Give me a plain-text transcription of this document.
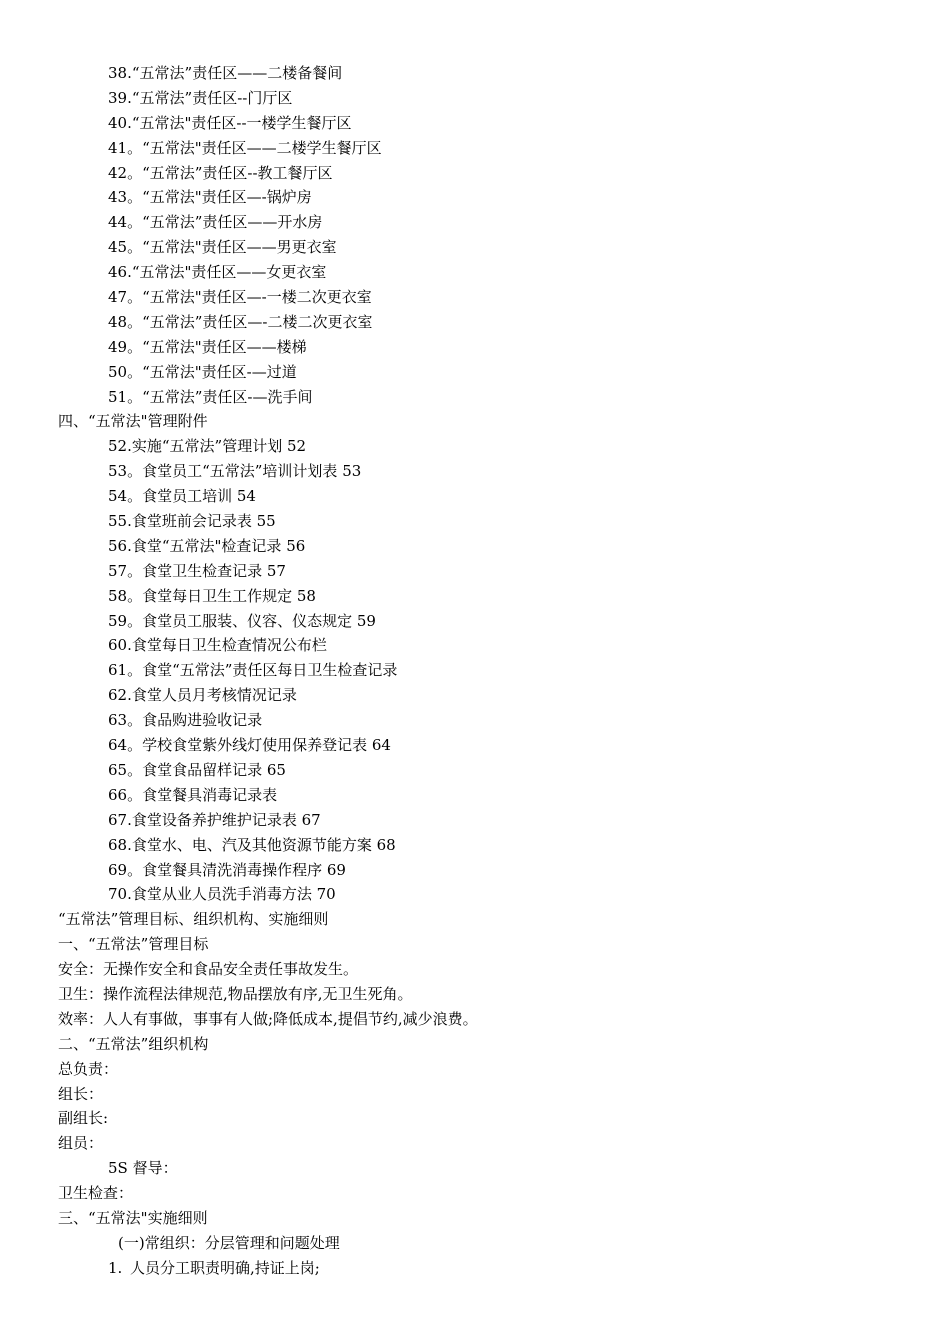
38.“五常法”责任区——二楼备餐间
39.“五常法”责任区--门厅区
40.“五常法"责任区--一楼学生餐厅区
41。“五常法"责任区——二楼学生餐厅区
42。“五常法”责任区--教工餐厅区
43。“五常法"责任区—-锅炉房
44。“五常法”责任区——开水房
45。“五常法"责任区——男更衣室
46.“五常法"责任区——女更衣室
47。“五常法"责任区—-一楼二次更衣室
48。“五常法”责任区—-二楼二次更衣室
49。“五常法"责任区——楼梯
50。“五常法"责任区-—过道
51。“五常法”责任区-—洗手间
四、“五常法"管理附件
52.实施“五常法”管理计划 52
53。食堂员工“五常法”培训计划表 53
54。食堂员工培训 54
55.食堂班前会记录表 55
56.食堂“五常法"检查记录 56
57。食堂卫生检查记录 57
58。食堂每日卫生工作规定 58
59。食堂员工服装、仪容、仪态规定 59
60.食堂每日卫生检查情况公布栏
61。食堂“五常法”责任区每日卫生检查记录
62.食堂人员月考核情况记录
63。食品购进验收记录
64。学校食堂紫外线灯使用保养登记表 64
65。食堂食品留样记录 65
66。食堂餐具消毒记录表
67.食堂设备养护维护记录表 67
68.食堂水、电、汽及其他资源节能方案 68
69。食堂餐具清洗消毒操作程序 69
70.食堂从业人员洗手消毒方法 70
“五常法”管理目标、组织机构、实施细则
一、“五常法”管理目标
安全：无操作安全和食品安全责任事故发生。
卫生：操作流程法律规范,物品摆放有序,无卫生死角。
效率：人人有事做，事事有人做;降低成本,提倡节约,减少浪费。
二、“五常法”组织机构
总负责：
组长：
副组长:
组员：
5S 督导：
卫生检查：
三、“五常法"实施细则
(一)常组织：分层管理和问题处理
1. 人员分工职责明确,持证上岗;
